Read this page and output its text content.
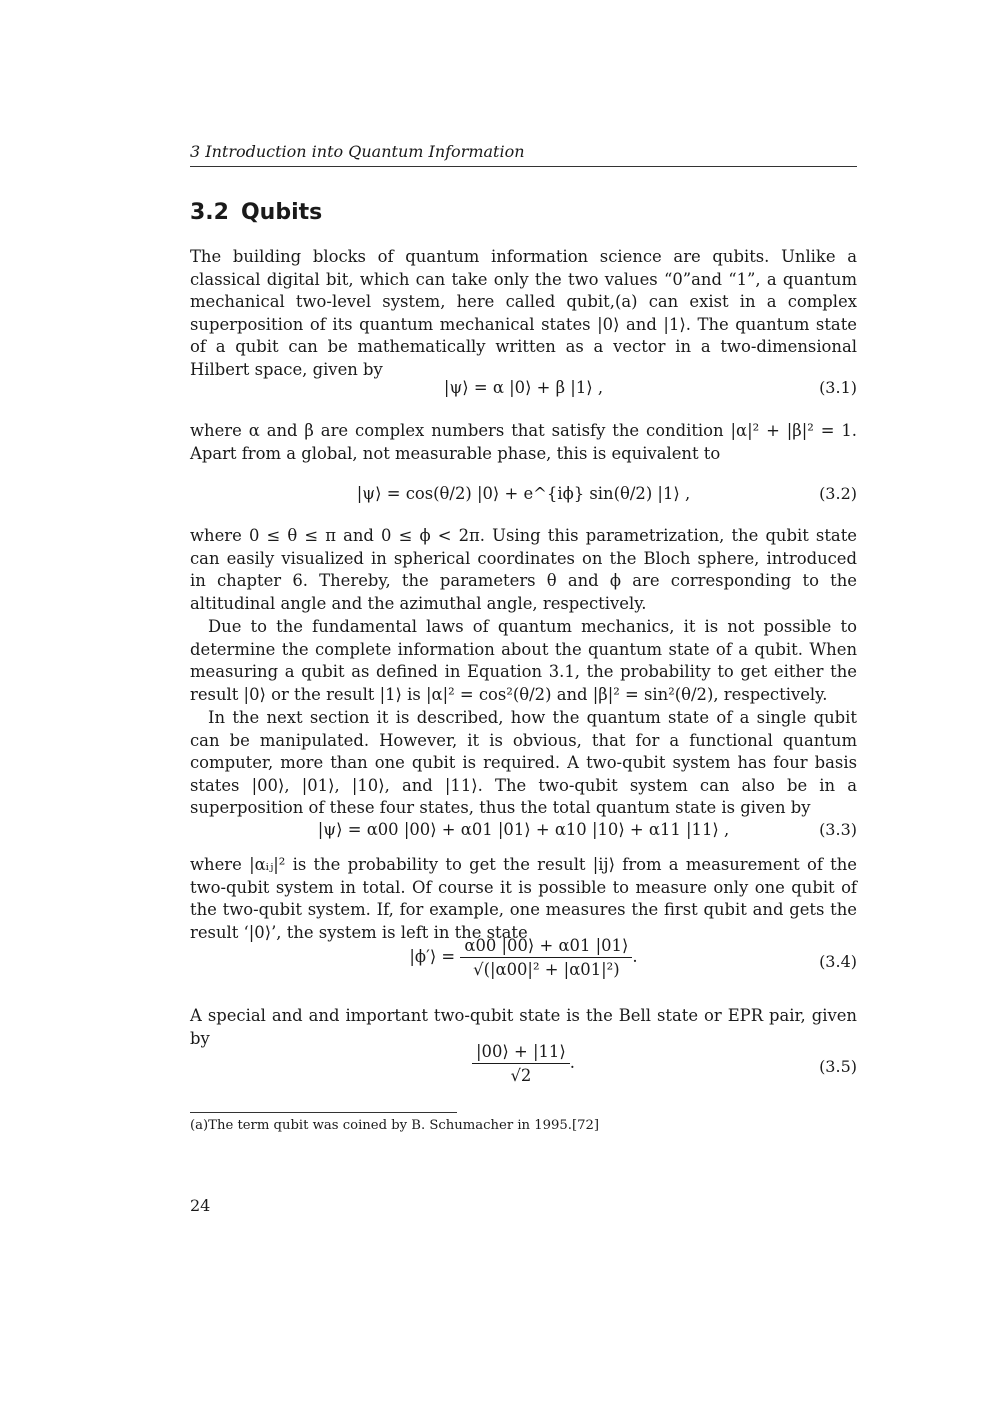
3 Introduction into Quantum Information
3.2 Qubits
The building blocks of quantum information science are qubits. Unlike a classical digital bit, which can take only the two values “0”and “1”, a quantum mechanical two-level system, here called qubit,(a) can exist in a complex superposition of its quantum mechanical states |0⟩ and |1⟩. The quantum state of a qubit can be mathematically written as a vector in a two-dimensional Hilbert space, given by
|ψ⟩ = α |0⟩ + β |1⟩ ,	(3.1)
where α and β are complex numbers that satisfy the condition |α|² + |β|² = 1. Apart from a global, not measurable phase, this is equivalent to
|ψ⟩ = cos(θ/2) |0⟩ + e^{iϕ} sin(θ/2) |1⟩ ,	(3.2)
where 0 ≤ θ ≤ π and 0 ≤ ϕ < 2π. Using this parametrization, the qubit state can easily visualized in spherical coordinates on the Bloch sphere, introduced in chapter 6. Thereby, the parameters θ and ϕ are corresponding to the altitudinal angle and the azimuthal angle, respectively.
Due to the fundamental laws of quantum mechanics, it is not possible to determine the complete information about the quantum state of a qubit. When measuring a qubit as defined in Equation 3.1, the probability to get either the result |0⟩ or the result |1⟩ is |α|² = cos²(θ/2) and |β|² = sin²(θ/2), respectively.
In the next section it is described, how the quantum state of a single qubit can be manipulated. However, it is obvious, that for a functional quantum computer, more than one qubit is required. A two-qubit system has four basis states |00⟩, |01⟩, |10⟩, and |11⟩. The two-qubit system can also be in a superposition of these four states, thus the total quantum state is given by
|ψ⟩ = α00 |00⟩ + α01 |01⟩ + α10 |10⟩ + α11 |11⟩ ,	(3.3)
where |αᵢⱼ|² is the probability to get the result |ij⟩ from a measurement of the two-qubit system in total. Of course it is possible to measure only one qubit of the two-qubit system. If, for example, one measures the first qubit and gets the result ‘|0⟩’, the system is left in the state
|ϕ′⟩ = $\frac{\alpha 00 |00⟩ + \alpha 01 |01⟩}{\text{√(|α00|² + |α01|²)}}$ .	(3.4)
A special and and important two-qubit state is the Bell state or EPR pair, given by
$\frac{|00⟩ + |11⟩}{√2}$ .	(3.5)
(a)The term qubit was coined by B. Schumacher in 1995.[72]
24
